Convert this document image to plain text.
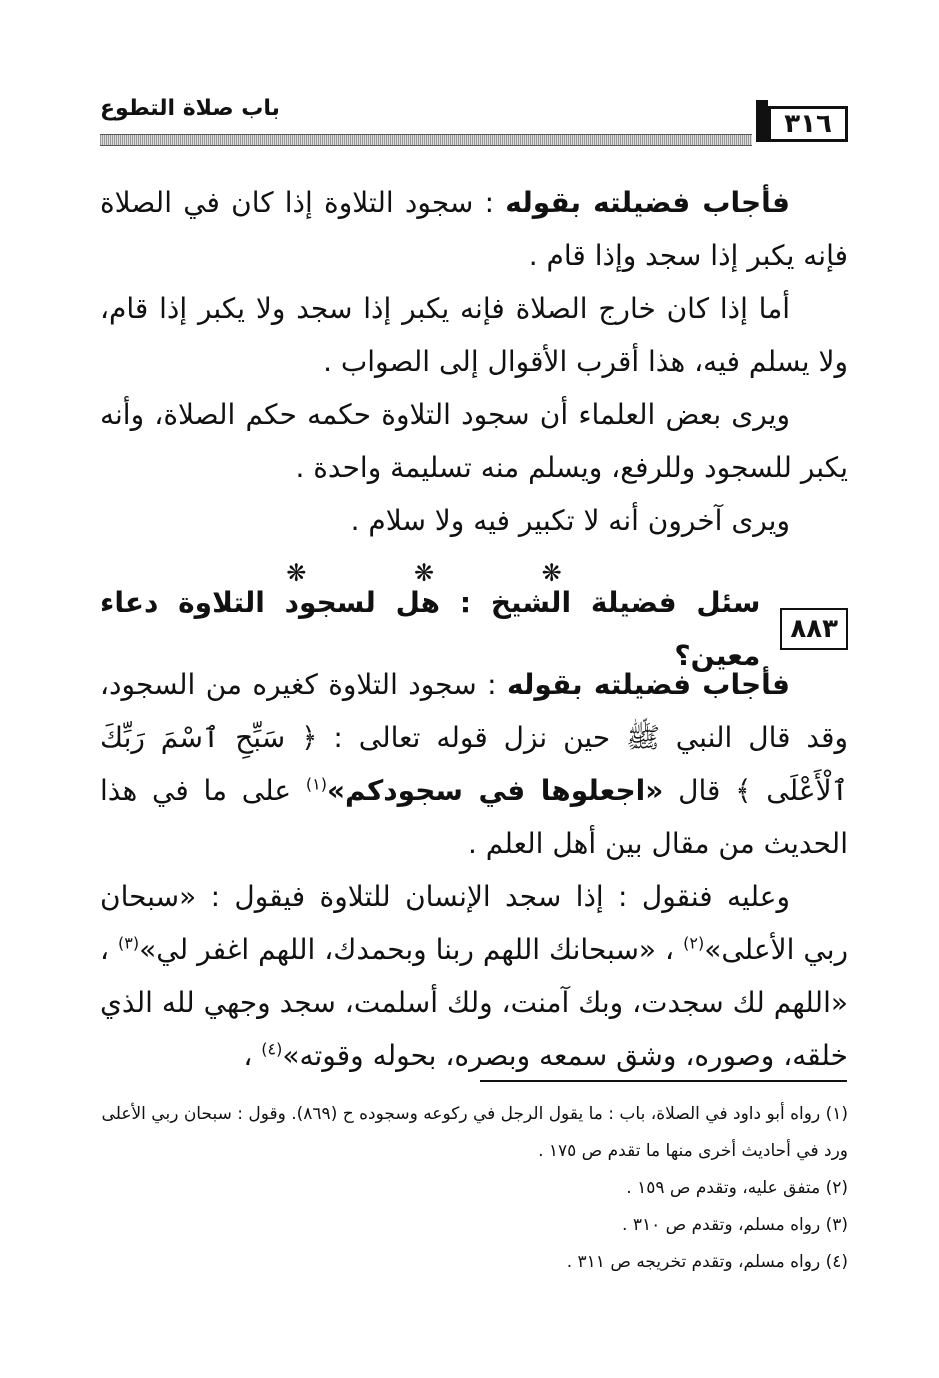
٣١٦
باب صلاة التطوع

فأجاب فضيلته بقوله : سجود التلاوة إذا كان في الصلاة فإنه يكبر إذا سجد وإذا قام .

أما إذا كان خارج الصلاة فإنه يكبر إذا سجد ولا يكبر إذا قام، ولا يسلم فيه، هذا أقرب الأقوال إلى الصواب .

ويرى بعض العلماء أن سجود التلاوة حكمه حكم الصلاة، وأنه يكبر للسجود وللرفع، ويسلم منه تسليمة واحدة .

ويرى آخرون أنه لا تكبير فيه ولا سلام .

❋ ❋ ❋
٨٨٣
سئل فضيلة الشيخ : هل لسجود التلاوة دعاء معين؟

فأجاب فضيلته بقوله : سجود التلاوة كغيره من السجود، وقد قال النبي ﷺ حين نزل قوله تعالى : ﴿ سَبِّحِ ٱسْمَ رَبِّكَ ٱلْأَعْلَى ﴾ قال «اجعلوها في سجودكم»$^{(١)}$ على ما في هذا الحديث من مقال بين أهل العلم .

وعليه فنقول : إذا سجد الإنسان للتلاوة فيقول : «سبحان ربي الأعلى»$^{(٢)}$ ، «سبحانك اللهم ربنا وبحمدك، اللهم اغفر لي»$^{(٣)}$ ، «اللهم لك سجدت، وبك آمنت، ولك أسلمت، سجد وجهي لله الذي خلقه، وصوره، وشق سمعه وبصره، بحوله وقوته»$^{(٤)}$ ،

(١) رواه أبو داود في الصلاة، باب : ما يقول الرجل في ركوعه وسجوده ح (٨٦٩). وقول : سبحان ربي الأعلى ورد في أحاديث أخرى منها ما تقدم ص ١٧٥ .

(٢) متفق عليه، وتقدم ص ١٥٩ .

(٣) رواه مسلم، وتقدم ص ٣١٠ .

(٤) رواه مسلم، وتقدم تخريجه ص ٣١١ .
